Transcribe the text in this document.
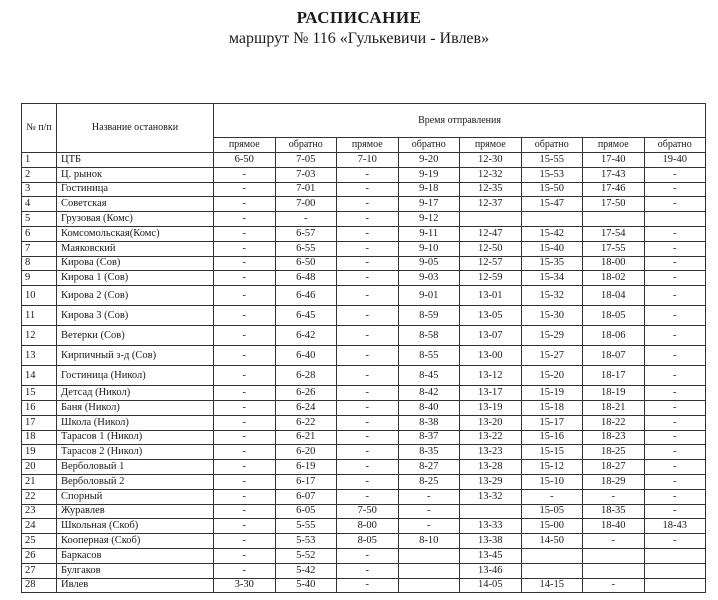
РАСПИСАНИЕ
маршрут № 116 «Гулькевичи - Ивлев»
№ п/п	Название остановки	Время отправления							
		прямое	обратно	прямое	обратно	прямое	обратно	прямое	обратно
1	ЦТБ	6-50	7-05	7-10	9-20	12-30	15-55	17-40	19-40
2	Ц. рынок	-	7-03	-	9-19	12-32	15-53	17-43	-
3	Гостиница	-	7-01	-	9-18	12-35	15-50	17-46	-
4	Советская	-	7-00	-	9-17	12-37	15-47	17-50	-
5	Грузовая (Комс)	-	-	-	9-12				
6	Комсомольская(Комс)	-	6-57	-	9-11	12-47	15-42	17-54	-
7	Маяковский	-	6-55	-	9-10	12-50	15-40	17-55	-
8	Кирова (Сов)	-	6-50	-	9-05	12-57	15-35	18-00	-
9	Кирова 1 (Сов)	-	6-48	-	9-03	12-59	15-34	18-02	-
10	Кирова 2 (Сов)	-	6-46	-	9-01	13-01	15-32	18-04	-
11	Кирова 3 (Сов)	-	6-45	-	8-59	13-05	15-30	18-05	-
12	Ветерки (Сов)	-	6-42	-	8-58	13-07	15-29	18-06	-
13	Кирпичный з-д (Сов)	-	6-40	-	8-55	13-00	15-27	18-07	-
14	Гостиница (Никол)	-	6-28	-	8-45	13-12	15-20	18-17	-
15	Детсад (Никол)	-	6-26	-	8-42	13-17	15-19	18-19	-
16	Баня (Никол)	-	6-24	-	8-40	13-19	15-18	18-21	-
17	Школа (Никол)	-	6-22	-	8-38	13-20	15-17	18-22	-
18	Тарасов 1 (Никол)	-	6-21	-	8-37	13-22	15-16	18-23	-
19	Тарасов 2 (Никол)	-	6-20	-	8-35	13-23	15-15	18-25	-
20	Верболовый 1	-	6-19	-	8-27	13-28	15-12	18-27	-
21	Верболовый 2	-	6-17	-	8-25	13-29	15-10	18-29	-
22	Спорный	-	6-07	-	-	13-32	-	-	-
23	Журавлев	-	6-05	7-50	-		15-05	18-35	-
24	Школьная (Скоб)	-	5-55	8-00	-	13-33	15-00	18-40	18-43
25	Кооперная (Скоб)	-	5-53	8-05	8-10	13-38	14-50	-	-
26	Баркасов	-	5-52	-		13-45			
27	Булгаков	-	5-42	-		13-46			
28	Ивлев	3-30	5-40	-		14-05	14-15	-	
